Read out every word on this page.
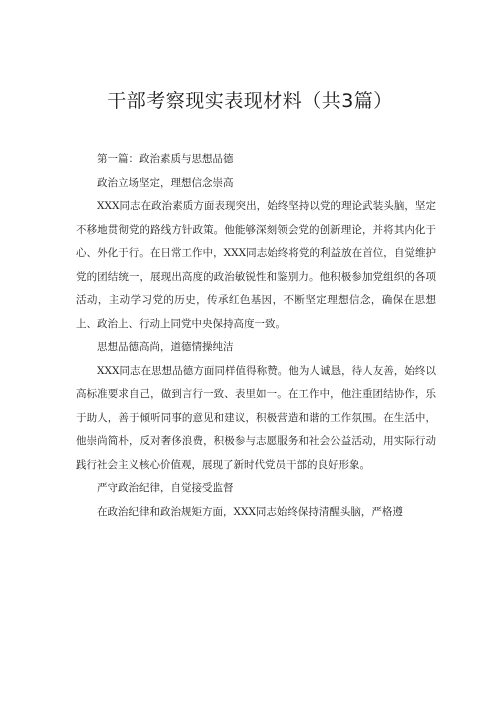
干部考察现实表现材料（共3篇）

第一篇：政治素质与思想品德

政治立场坚定，理想信念崇高

XXX同志在政治素质方面表现突出，始终坚持以党的理论武装头脑，坚定不移地贯彻党的路线方针政策。他能够深刻领会党的创新理论，并将其内化于心、外化于行。在日常工作中，XXX同志始终将党的利益放在首位，自觉维护党的团结统一，展现出高度的政治敏锐性和鉴别力。他积极参加党组织的各项活动，主动学习党的历史，传承红色基因，不断坚定理想信念，确保在思想上、政治上、行动上同党中央保持高度一致。

思想品德高尚，道德情操纯洁

XXX同志在思想品德方面同样值得称赞。他为人诚恳，待人友善，始终以高标准要求自己，做到言行一致、表里如一。在工作中，他注重团结协作，乐于助人，善于倾听同事的意见和建议，积极营造和谐的工作氛围。在生活中，他崇尚简朴，反对奢侈浪费，积极参与志愿服务和社会公益活动，用实际行动践行社会主义核心价值观，展现了新时代党员干部的良好形象。

严守政治纪律，自觉接受监督

在政治纪律和政治规矩方面，XXX同志始终保持清醒头脑，严格遵
